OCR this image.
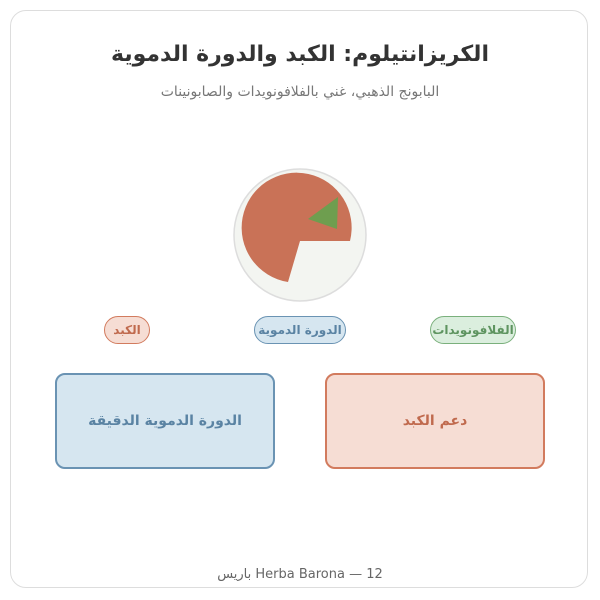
الكريزانتيلوم: الكبد والدورة الدموية

البابونج الذهبي، غني بالفلافونويدات والصابونينات

الكبد	الدورة الدموية	الفلافونويدات
الدورة الدموية الدقيقة	دعم الكبد

Herba Barona — 12 باريس
